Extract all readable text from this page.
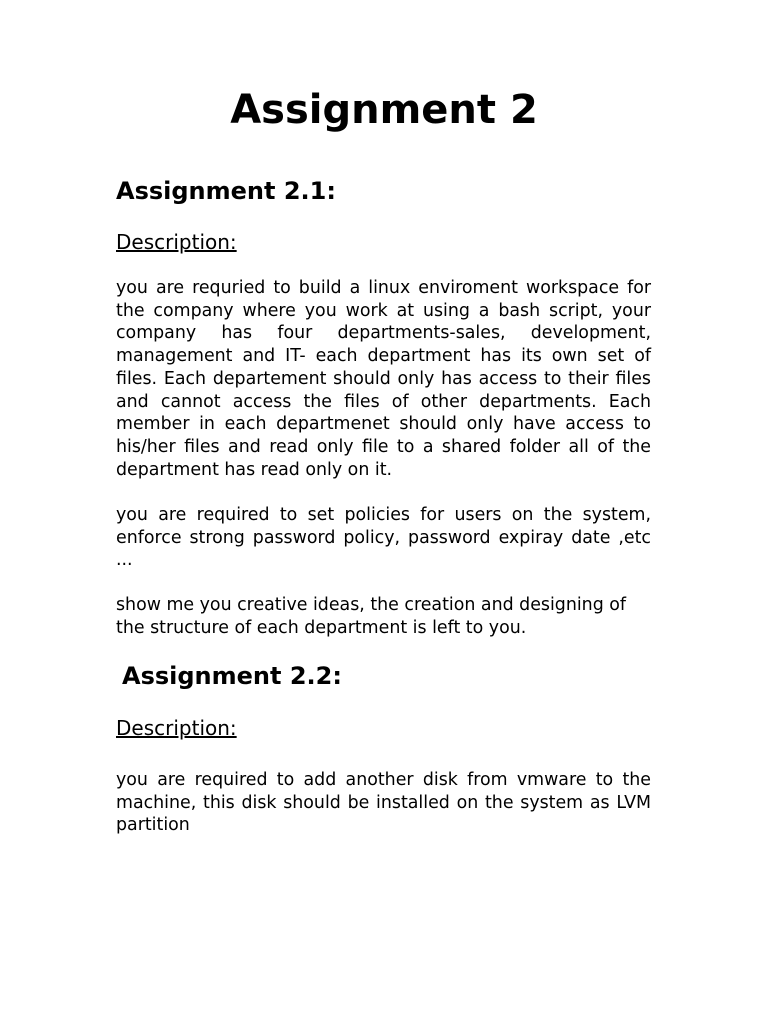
Assignment 2
Assignment 2.1:
Description:

you are requried to build a linux enviroment workspace for the company where you work at using a bash script, your company has four departments-sales, development, management and IT- each department has its own set of files. Each departement should only has access to their files and cannot access the files of other departments. Each member in each departmenet should only have access to his/her files and read only file to a shared folder all of the department has read only on it.

you are required to set policies for users on the system, enforce strong password policy, password expiray date ,etc ...

show me you creative ideas, the creation and designing of the structure of each department is left to you.

Assignment 2.2:
Description:

you are required to add another disk from vmware to the machine, this disk should be installed on the system as LVM partition
